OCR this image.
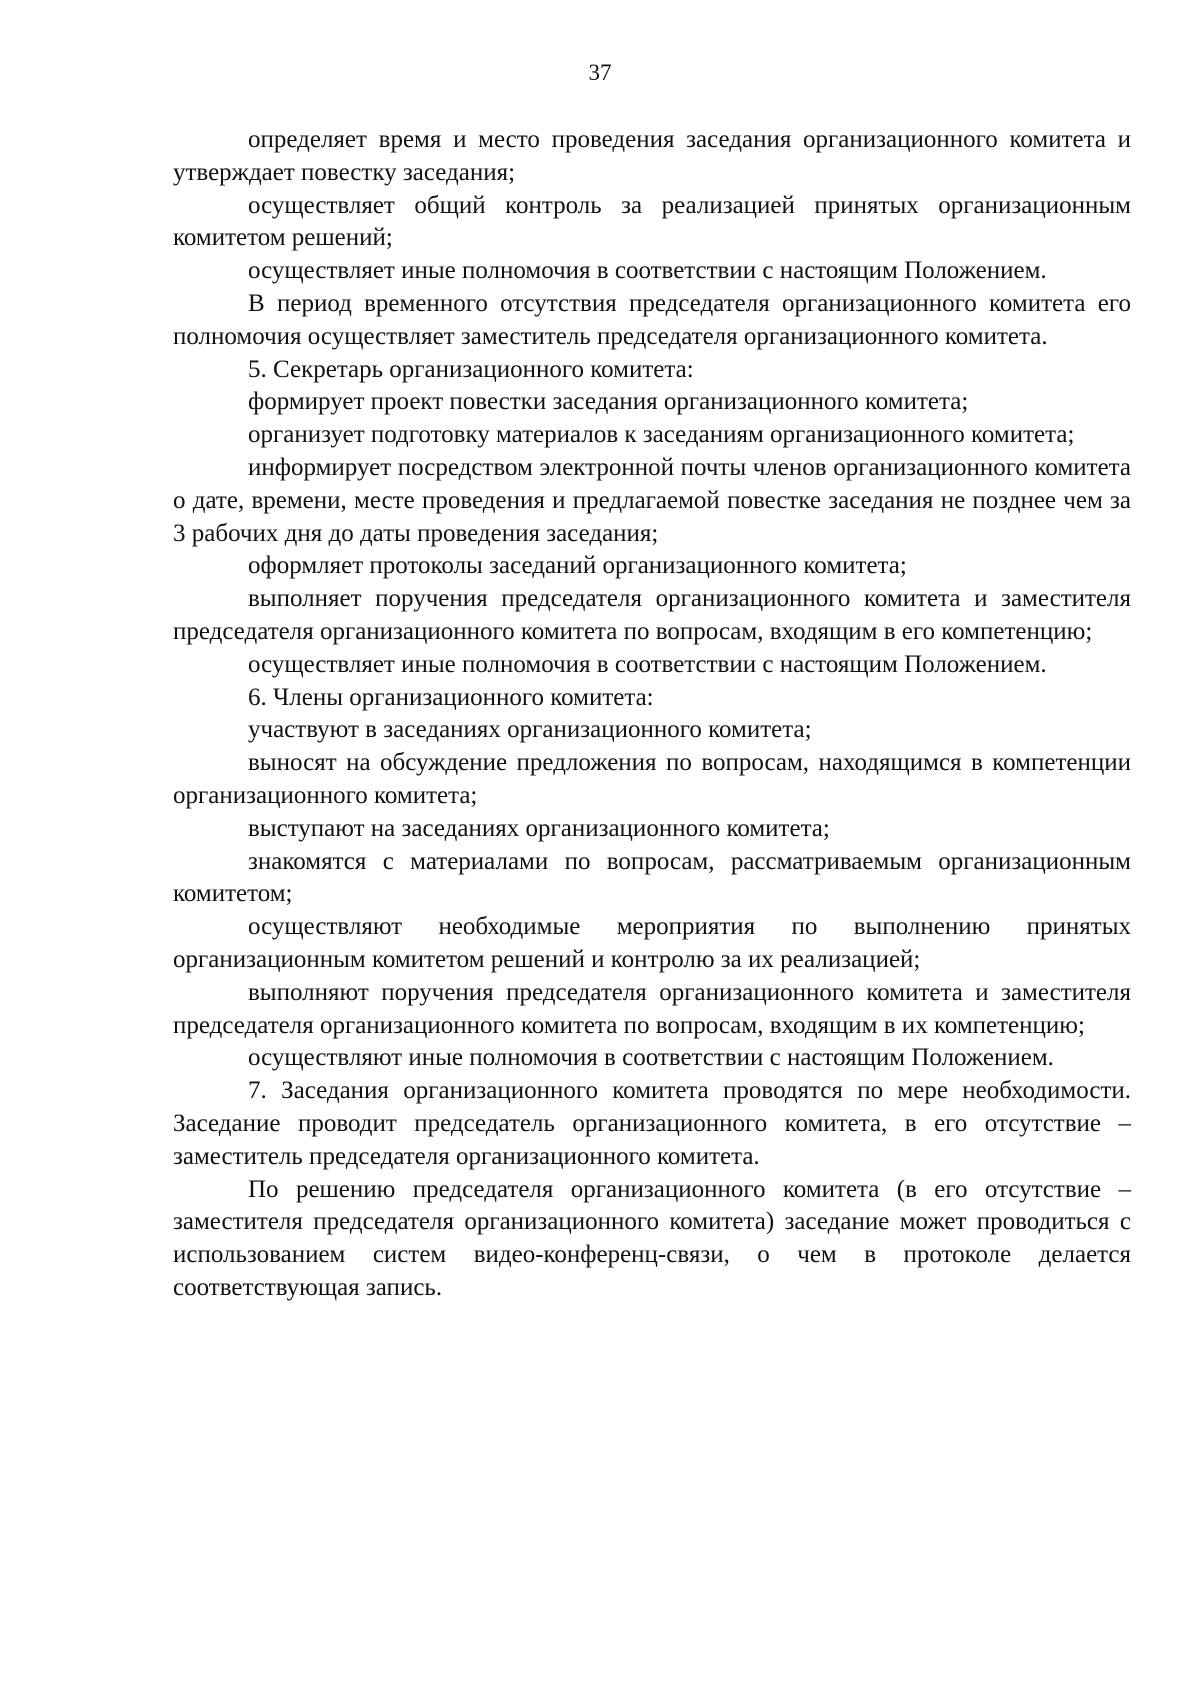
37

определяет время и место проведения заседания организационного комитета и утверждает повестку заседания;

осуществляет общий контроль за реализацией принятых организационным комитетом решений;

осуществляет иные полномочия в соответствии с настоящим Положением.

В период временного отсутствия председателя организационного комитета его полномочия осуществляет заместитель председателя организационного комитета.

5. Секретарь организационного комитета:

формирует проект повестки заседания организационного комитета;

организует подготовку материалов к заседаниям организационного комитета;

информирует посредством электронной почты членов организационного комитета о дате, времени, месте проведения и предлагаемой повестке заседания не позднее чем за 3 рабочих дня до даты проведения заседания;

оформляет протоколы заседаний организационного комитета;

выполняет поручения председателя организационного комитета и заместителя председателя организационного комитета по вопросам, входящим в его компетенцию;

осуществляет иные полномочия в соответствии с настоящим Положением.

6. Члены организационного комитета:

участвуют в заседаниях организационного комитета;

выносят на обсуждение предложения по вопросам, находящимся в компетенции организационного комитета;

выступают на заседаниях организационного комитета;

знакомятся с материалами по вопросам, рассматриваемым организационным комитетом;

осуществляют необходимые мероприятия по выполнению принятых организационным комитетом решений и контролю за их реализацией;

выполняют поручения председателя организационного комитета и заместителя председателя организационного комитета по вопросам, входящим в их компетенцию;

осуществляют иные полномочия в соответствии с настоящим Положением.

7. Заседания организационного комитета проводятся по мере необходимости. Заседание проводит председатель организационного комитета, в его отсутствие – заместитель председателя организационного комитета.

По решению председателя организационного комитета (в его отсутствие – заместителя председателя организационного комитета) заседание может проводиться с использованием систем видео-конференц-связи, о чем в протоколе делается соответствующая запись.
